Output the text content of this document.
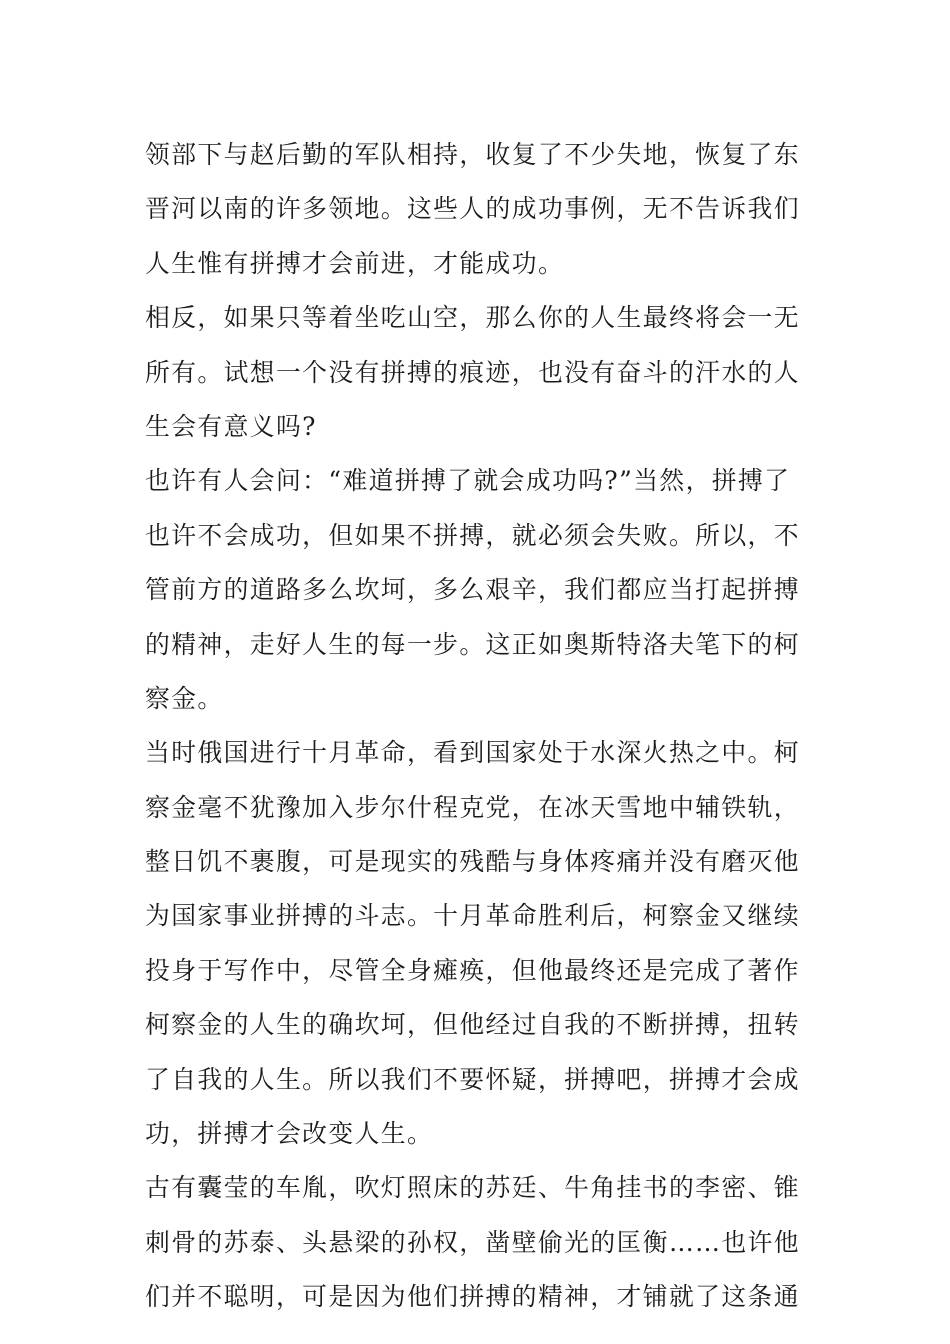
领部下与赵后勤的军队相持，收复了不少失地，恢复了东
晋河以南的许多领地。这些人的成功事例，无不告诉我们
人生惟有拼搏才会前进，才能成功。
相反，如果只等着坐吃山空，那么你的人生最终将会一无
所有。试想一个没有拼搏的痕迹，也没有奋斗的汗水的人
生会有意义吗?
也许有人会问：“难道拼搏了就会成功吗?”当然，拼搏了
也许不会成功，但如果不拼搏，就必须会失败。所以，不
管前方的道路多么坎坷，多么艰辛，我们都应当打起拼搏
的精神，走好人生的每一步。这正如奥斯特洛夫笔下的柯
察金。
当时俄国进行十月革命，看到国家处于水深火热之中。柯
察金毫不犹豫加入步尔什程克党，在冰天雪地中辅铁轨，
整日饥不裹腹，可是现实的残酷与身体疼痛并没有磨灭他
为国家事业拼搏的斗志。十月革命胜利后，柯察金又继续
投身于写作中，尽管全身瘫痪，但他最终还是完成了著作
柯察金的人生的确坎坷，但他经过自我的不断拼搏，扭转
了自我的人生。所以我们不要怀疑，拼搏吧，拼搏才会成
功，拼搏才会改变人生。
古有囊莹的车胤，吹灯照床的苏廷、牛角挂书的李密、锥
刺骨的苏泰、头悬梁的孙权，凿壁偷光的匡衡……也许他
们并不聪明，可是因为他们拼搏的精神，才铺就了这条通
